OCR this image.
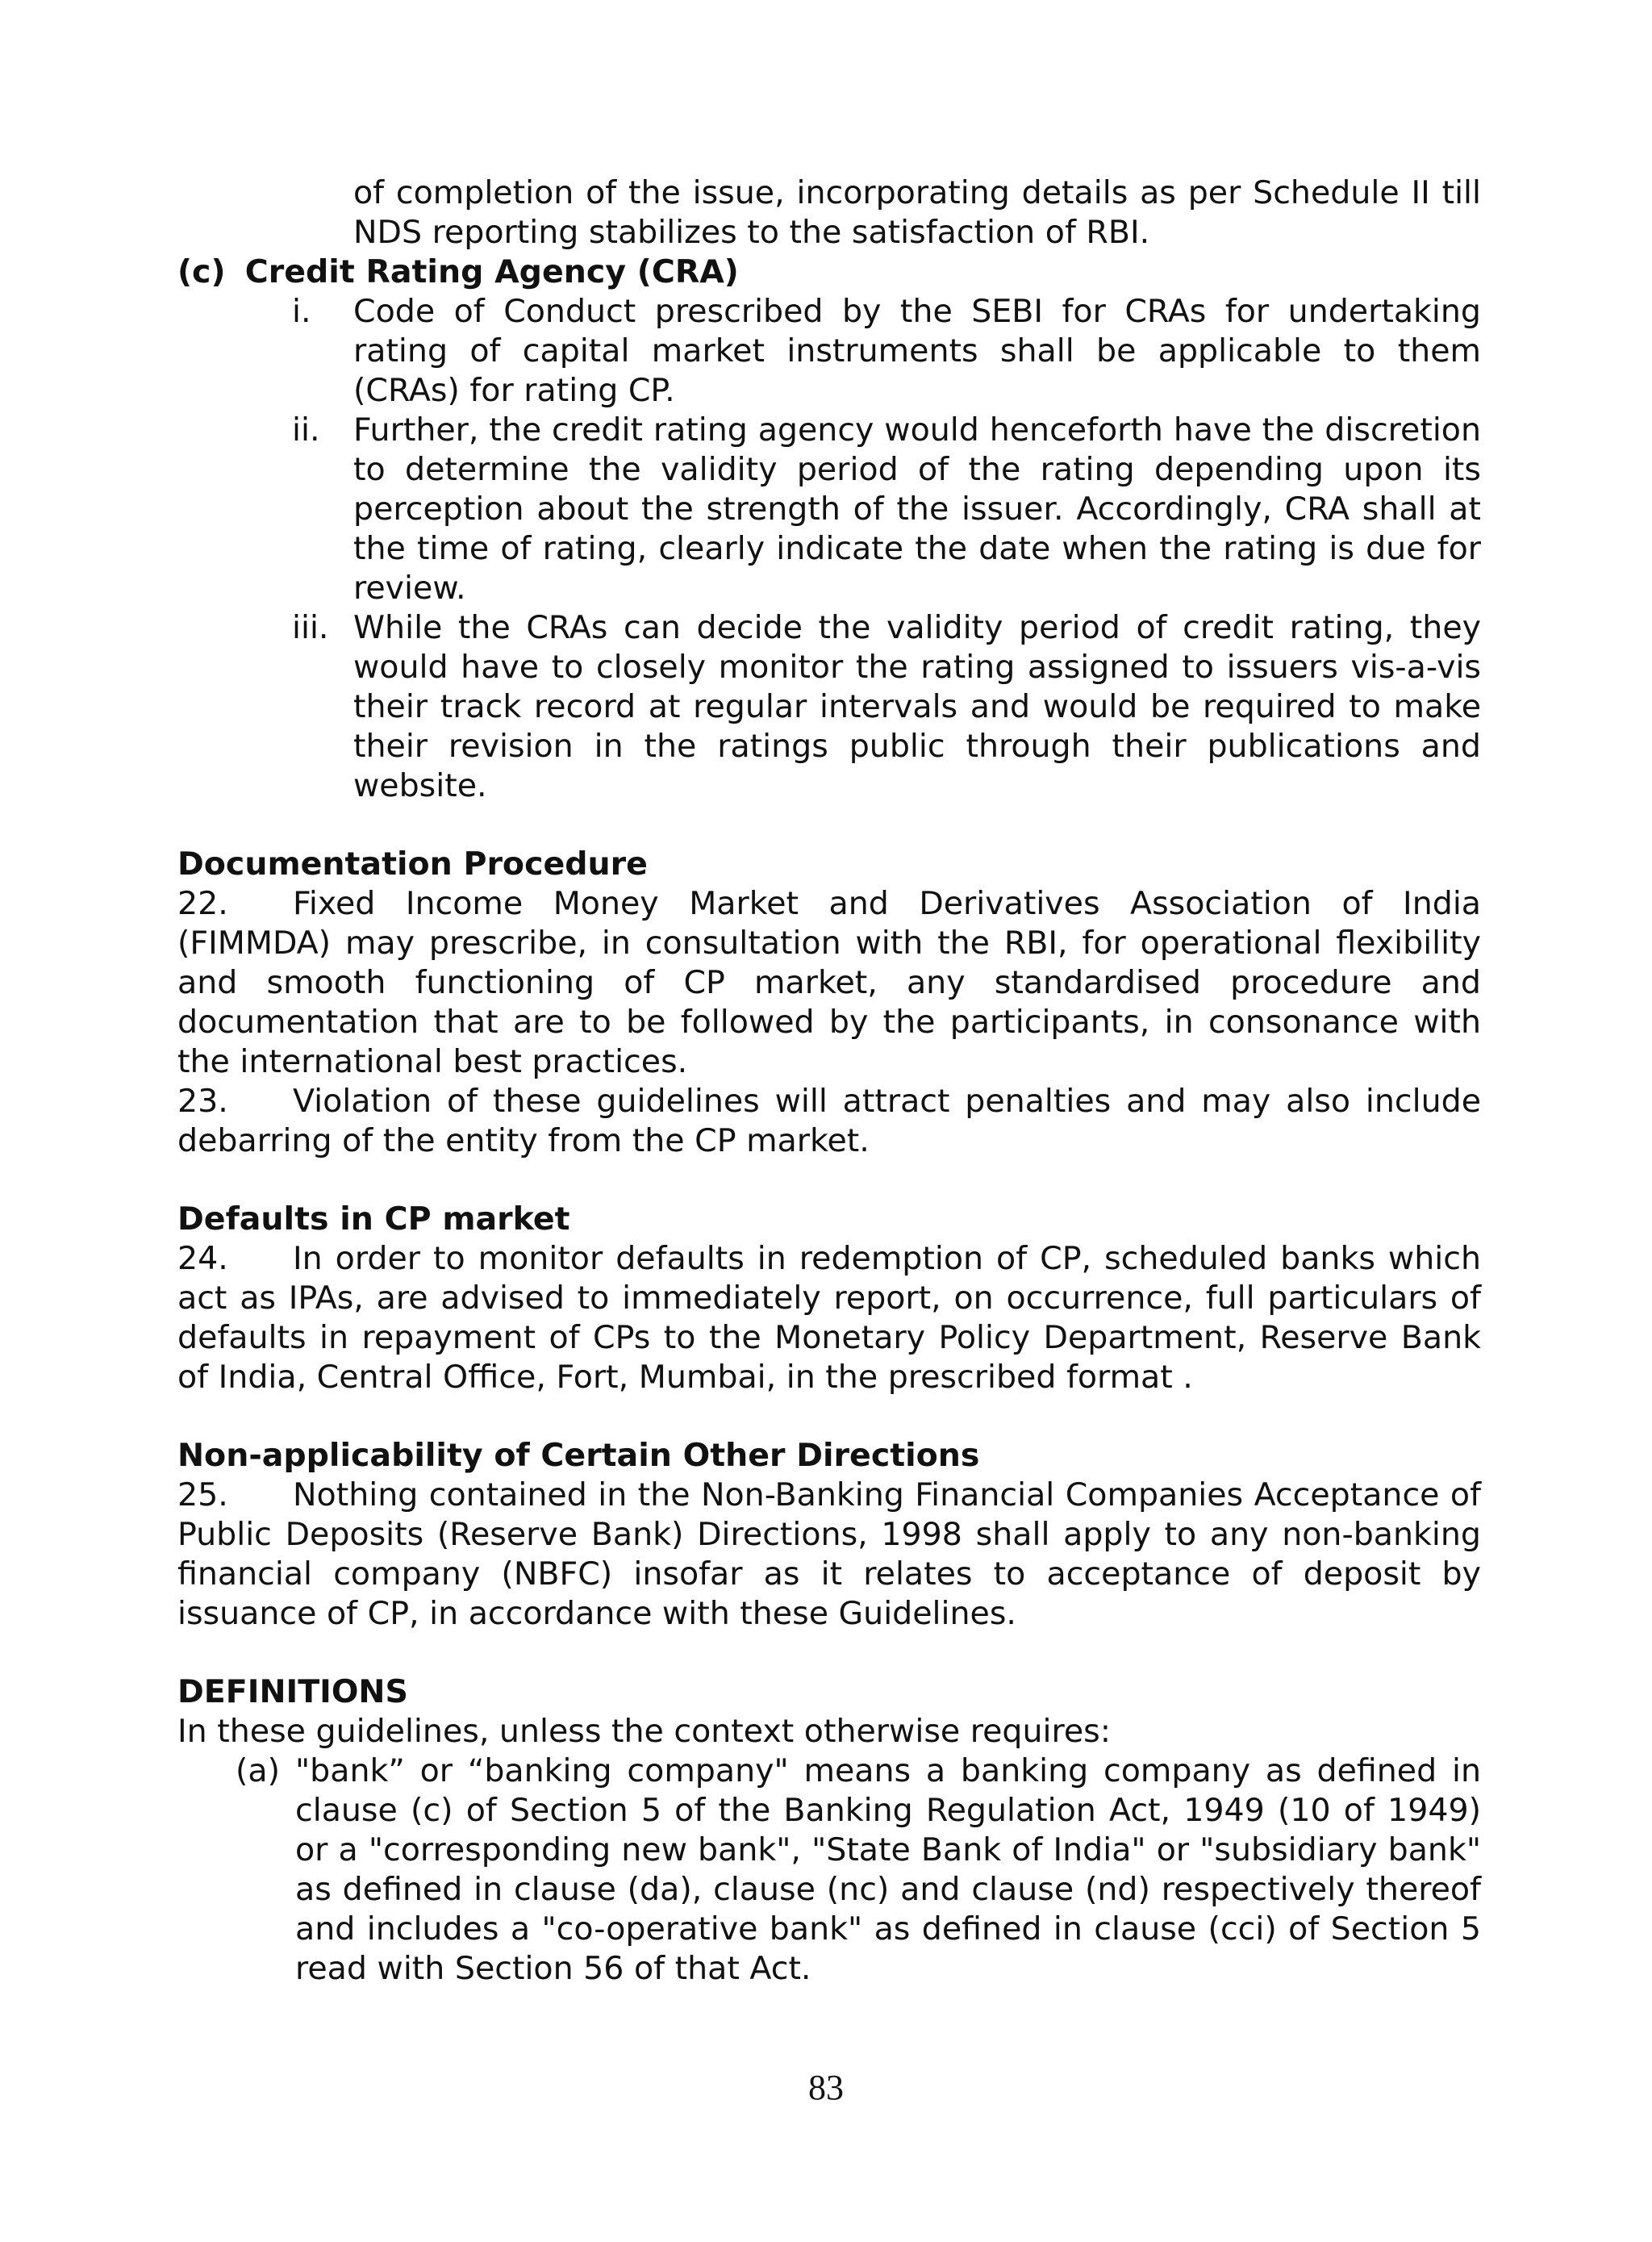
of completion of the issue, incorporating details as per Schedule II till NDS reporting stabilizes to the satisfaction of RBI.

(c) Credit Rating Agency (CRA)

i. Code of Conduct prescribed by the SEBI for CRAs for undertaking rating of capital market instruments shall be applicable to them (CRAs) for rating CP.
ii. Further, the credit rating agency would henceforth have the discretion to determine the validity period of the rating depending upon its perception about the strength of the issuer. Accordingly, CRA shall at the time of rating, clearly indicate the date when the rating is due for review.
iii. While the CRAs can decide the validity period of credit rating, they would have to closely monitor the rating assigned to issuers vis-a-vis their track record at regular intervals and would be required to make their revision in the ratings public through their publications and website.

Documentation Procedure

22. Fixed Income Money Market and Derivatives Association of India (FIMMDA) may prescribe, in consultation with the RBI, for operational flexibility and smooth functioning of CP market, any standardised procedure and documentation that are to be followed by the participants, in consonance with the international best practices.

23. Violation of these guidelines will attract penalties and may also include debarring of the entity from the CP market.

Defaults in CP market

24. In order to monitor defaults in redemption of CP, scheduled banks which act as IPAs, are advised to immediately report, on occurrence, full particulars of defaults in repayment of CPs to the Monetary Policy Department, Reserve Bank of India, Central Office, Fort, Mumbai, in the prescribed format .

Non-applicability of Certain Other Directions

25. Nothing contained in the Non-Banking Financial Companies Acceptance of Public Deposits (Reserve Bank) Directions, 1998 shall apply to any non-banking financial company (NBFC) insofar as it relates to acceptance of deposit by issuance of CP, in accordance with these Guidelines.

DEFINITIONS

In these guidelines, unless the context otherwise requires:

(a) "bank” or “banking company" means a banking company as defined in clause (c) of Section 5 of the Banking Regulation Act, 1949 (10 of 1949) or a "corresponding new bank", "State Bank of India" or "subsidiary bank" as defined in clause (da), clause (nc) and clause (nd) respectively thereof and includes a "co-operative bank" as defined in clause (cci) of Section 5 read with Section 56 of that Act.
83
